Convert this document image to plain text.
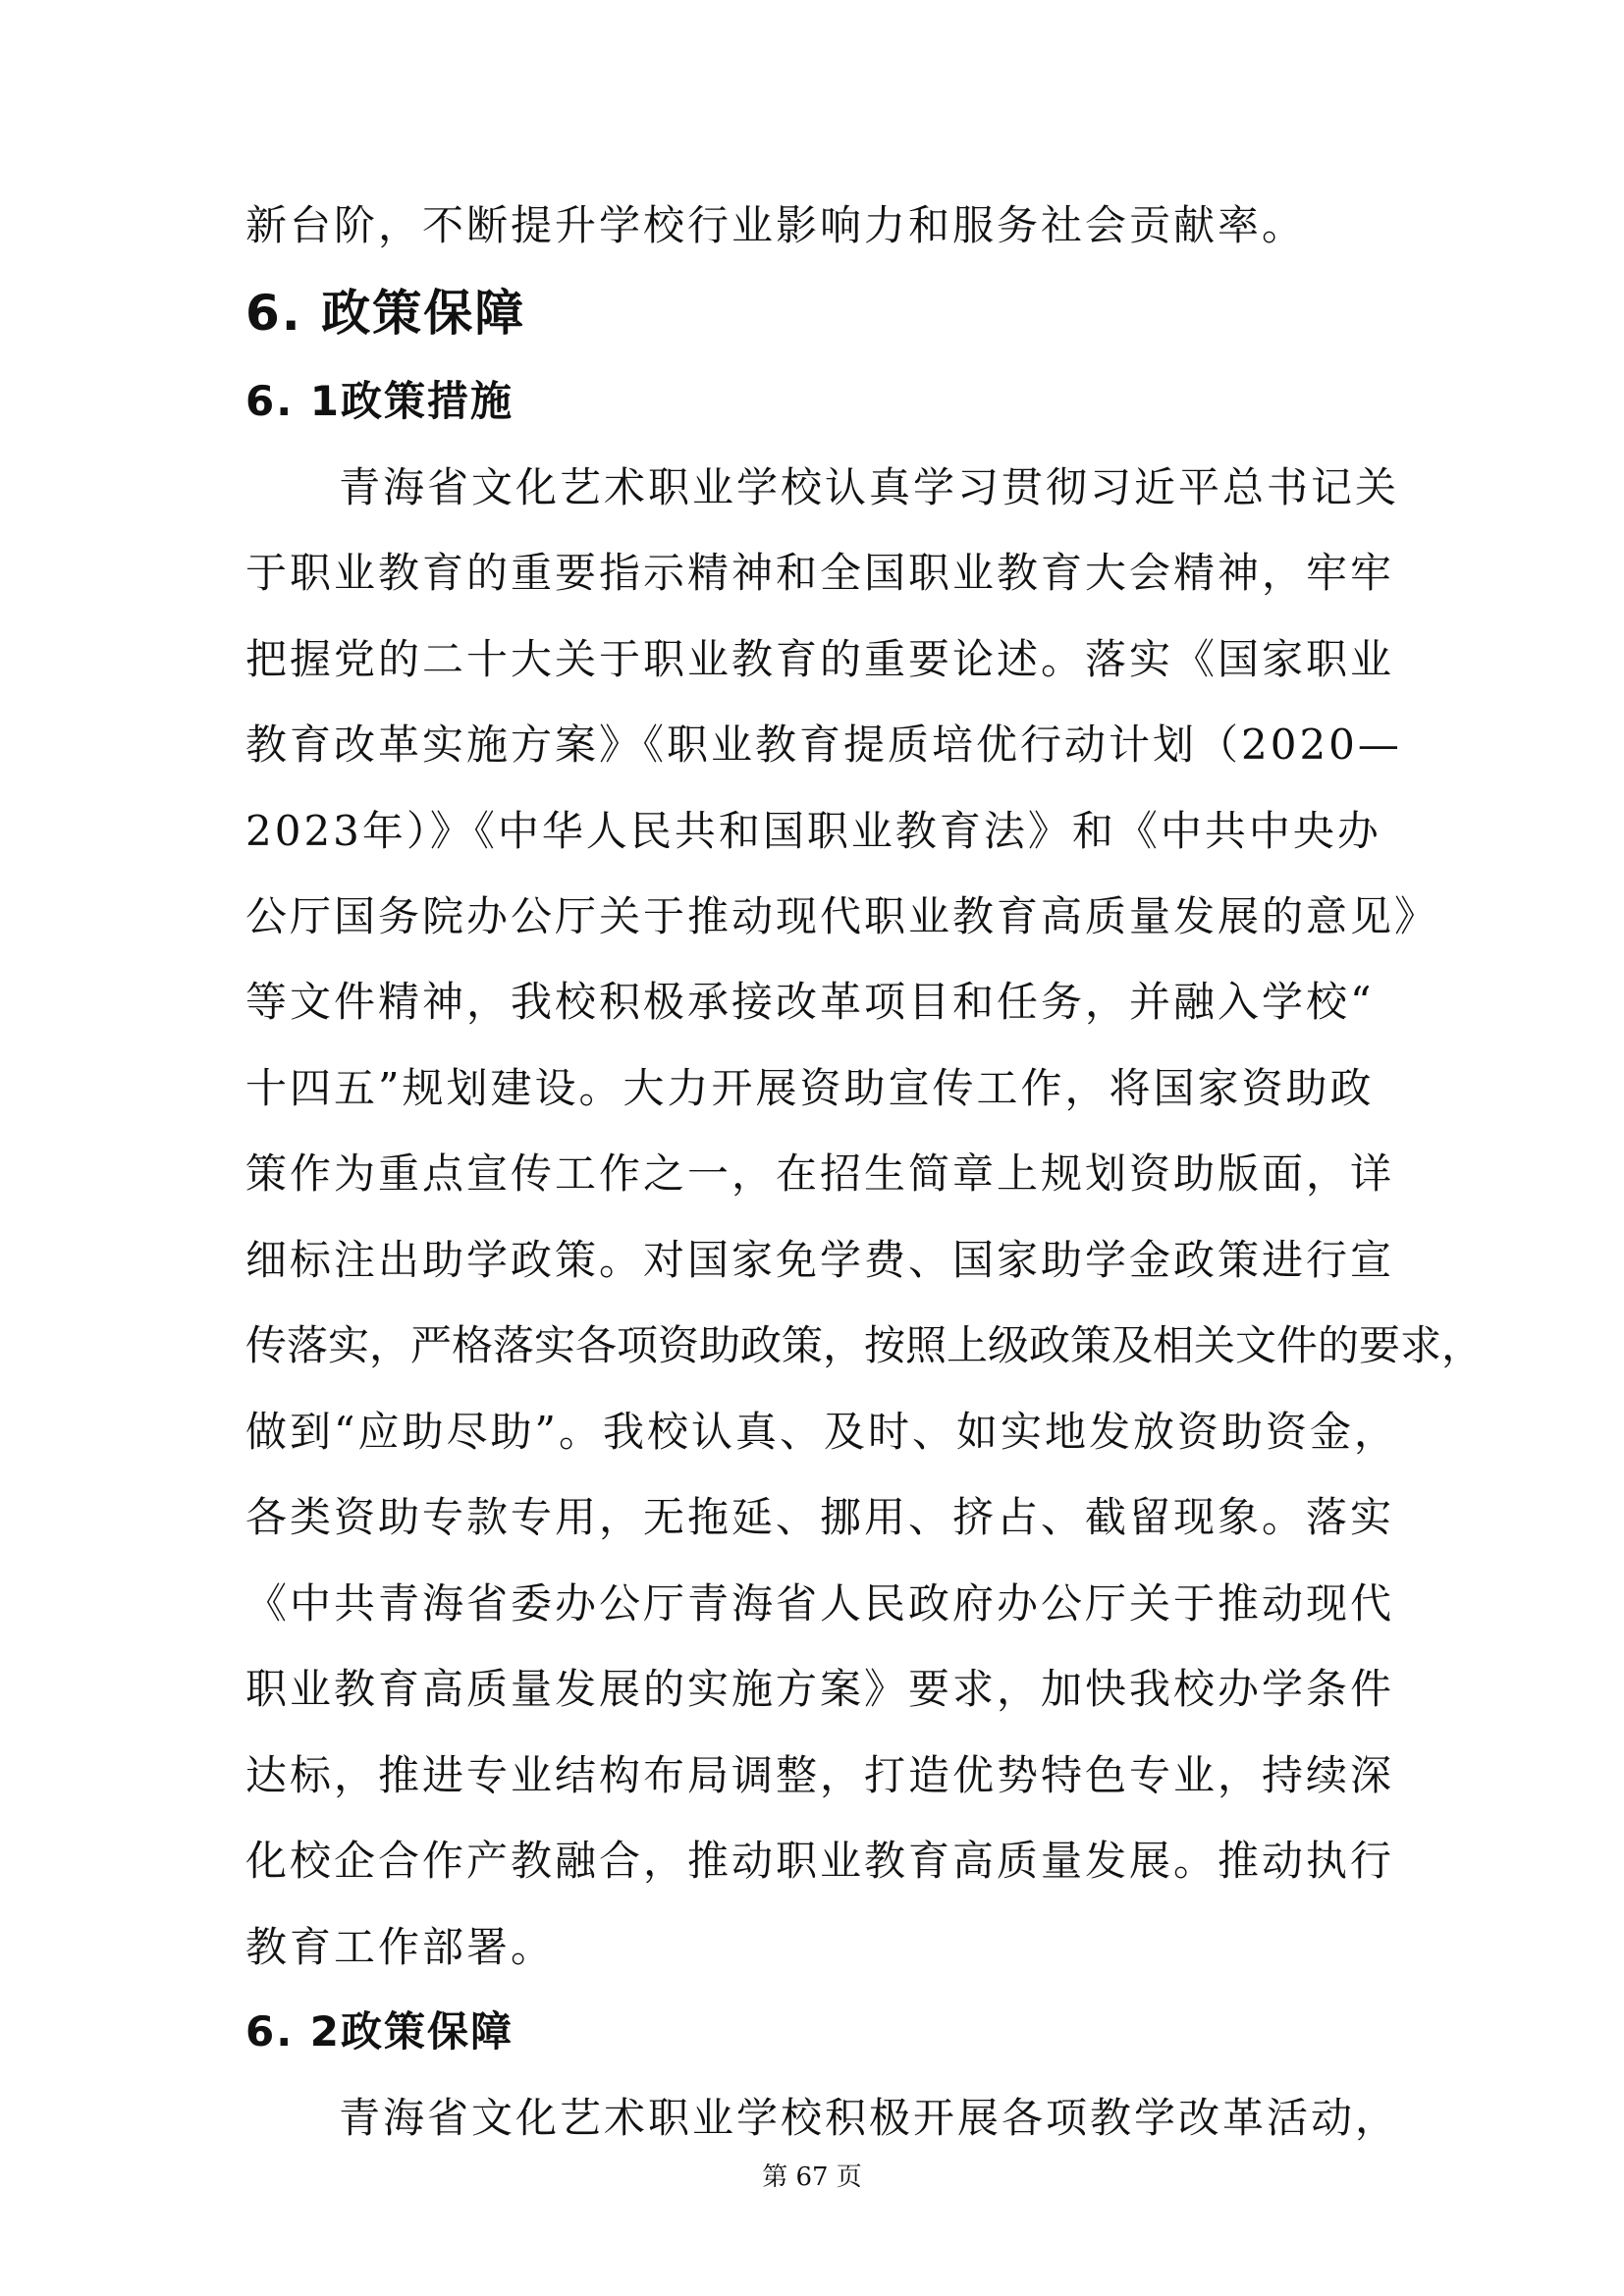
新台阶，不断提升学校行业影响力和服务社会贡献率。
6. 政策保障
6. 1政策措施
青海省文化艺术职业学校认真学习贯彻习近平总书记关
于职业教育的重要指示精神和全国职业教育大会精神，牢牢
把握党的二十大关于职业教育的重要论述。落实《国家职业
教育改革实施方案》《职业教育提质培优行动计划（2020—
2023年）》《中华人民共和国职业教育法》和《中共中央办
公厅国务院办公厅关于推动现代职业教育高质量发展的意见》
等文件精神，我校积极承接改革项目和任务，并融入学校“
十四五”规划建设。大力开展资助宣传工作，将国家资助政
策作为重点宣传工作之一，在招生简章上规划资助版面，详
细标注出助学政策。对国家免学费、国家助学金政策进行宣
传落实，严格落实各项资助政策，按照上级政策及相关文件的要求，
做到“应助尽助”。我校认真、及时、如实地发放资助资金，
各类资助专款专用，无拖延、挪用、挤占、截留现象。落实
《中共青海省委办公厅青海省人民政府办公厅关于推动现代
职业教育高质量发展的实施方案》要求，加快我校办学条件
达标，推进专业结构布局调整，打造优势特色专业，持续深
化校企合作产教融合，推动职业教育高质量发展。推动执行
教育工作部署。
6. 2政策保障
青海省文化艺术职业学校积极开展各项教学改革活动，
第 67 页
